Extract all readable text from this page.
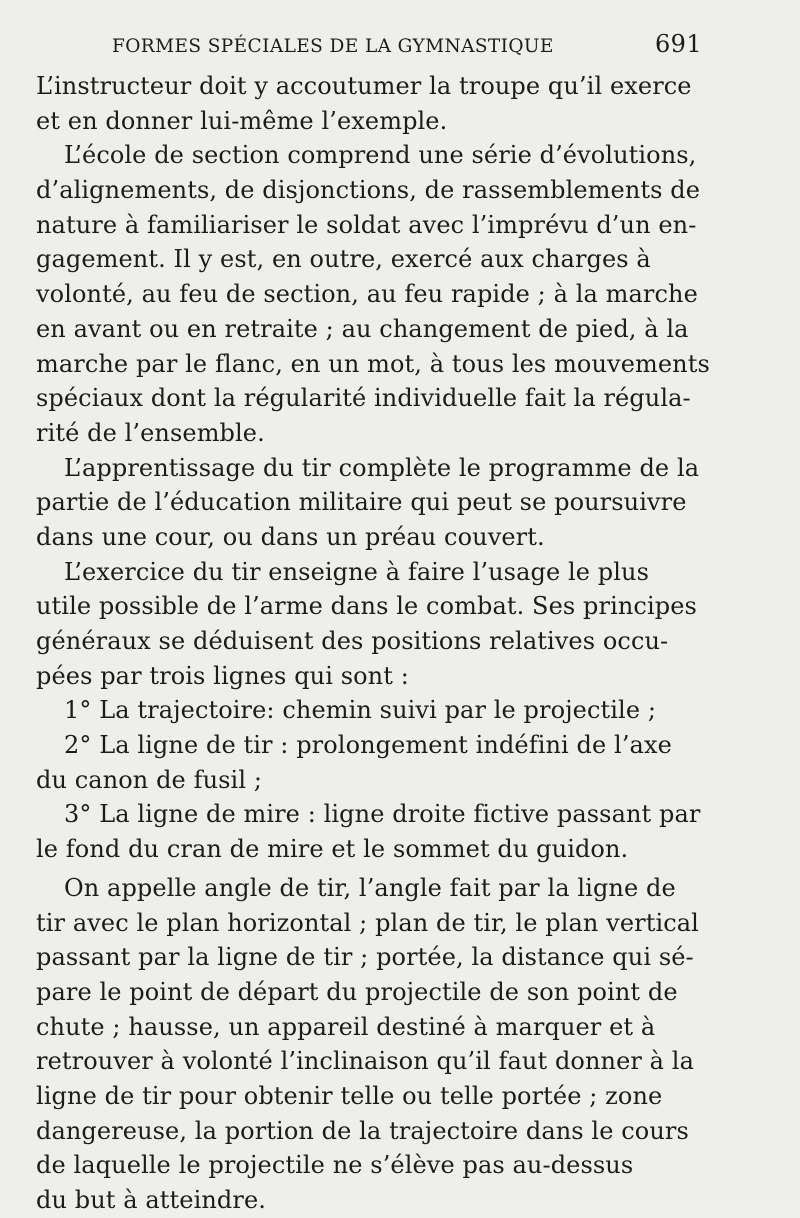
FORMES SPÉCIALES DE LA GYMNASTIQUE	691
L’instructeur doit y accoutumer la troupe qu’il exerce
et en donner lui-même l’exemple.
L’école de section comprend une série d’évolutions,
d’alignements, de disjonctions, de rassemblements de
nature à familiariser le soldat avec l’imprévu d’un en-
gagement. Il y est, en outre, exercé aux charges à
volonté, au feu de section, au feu rapide ; à la marche
en avant ou en retraite ; au changement de pied, à la
marche par le flanc, en un mot, à tous les mouvements
spéciaux dont la régularité individuelle fait la régula-
rité de l’ensemble.
L’apprentissage du tir complète le programme de la
partie de l’éducation militaire qui peut se poursuivre
dans une cour, ou dans un préau couvert.
L’exercice du tir enseigne à faire l’usage le plus
utile possible de l’arme dans le combat. Ses principes
généraux se déduisent des positions relatives occu-
pées par trois lignes qui sont :
1° La trajectoire: chemin suivi par le projectile ;
2° La ligne de tir : prolongement indéfini de l’axe
du canon de fusil ;
3° La ligne de mire : ligne droite fictive passant par
le fond du cran de mire et le sommet du guidon.
On appelle angle de tir, l’angle fait par la ligne de
tir avec le plan horizontal ; plan de tir, le plan vertical
passant par la ligne de tir ; portée, la distance qui sé-
pare le point de départ du projectile de son point de
chute ; hausse, un appareil destiné à marquer et à
retrouver à volonté l’inclinaison qu’il faut donner à la
ligne de tir pour obtenir telle ou telle portée ; zone
dangereuse, la portion de la trajectoire dans le cours
de laquelle le projectile ne s’élève pas au-dessus
du but à atteindre.
